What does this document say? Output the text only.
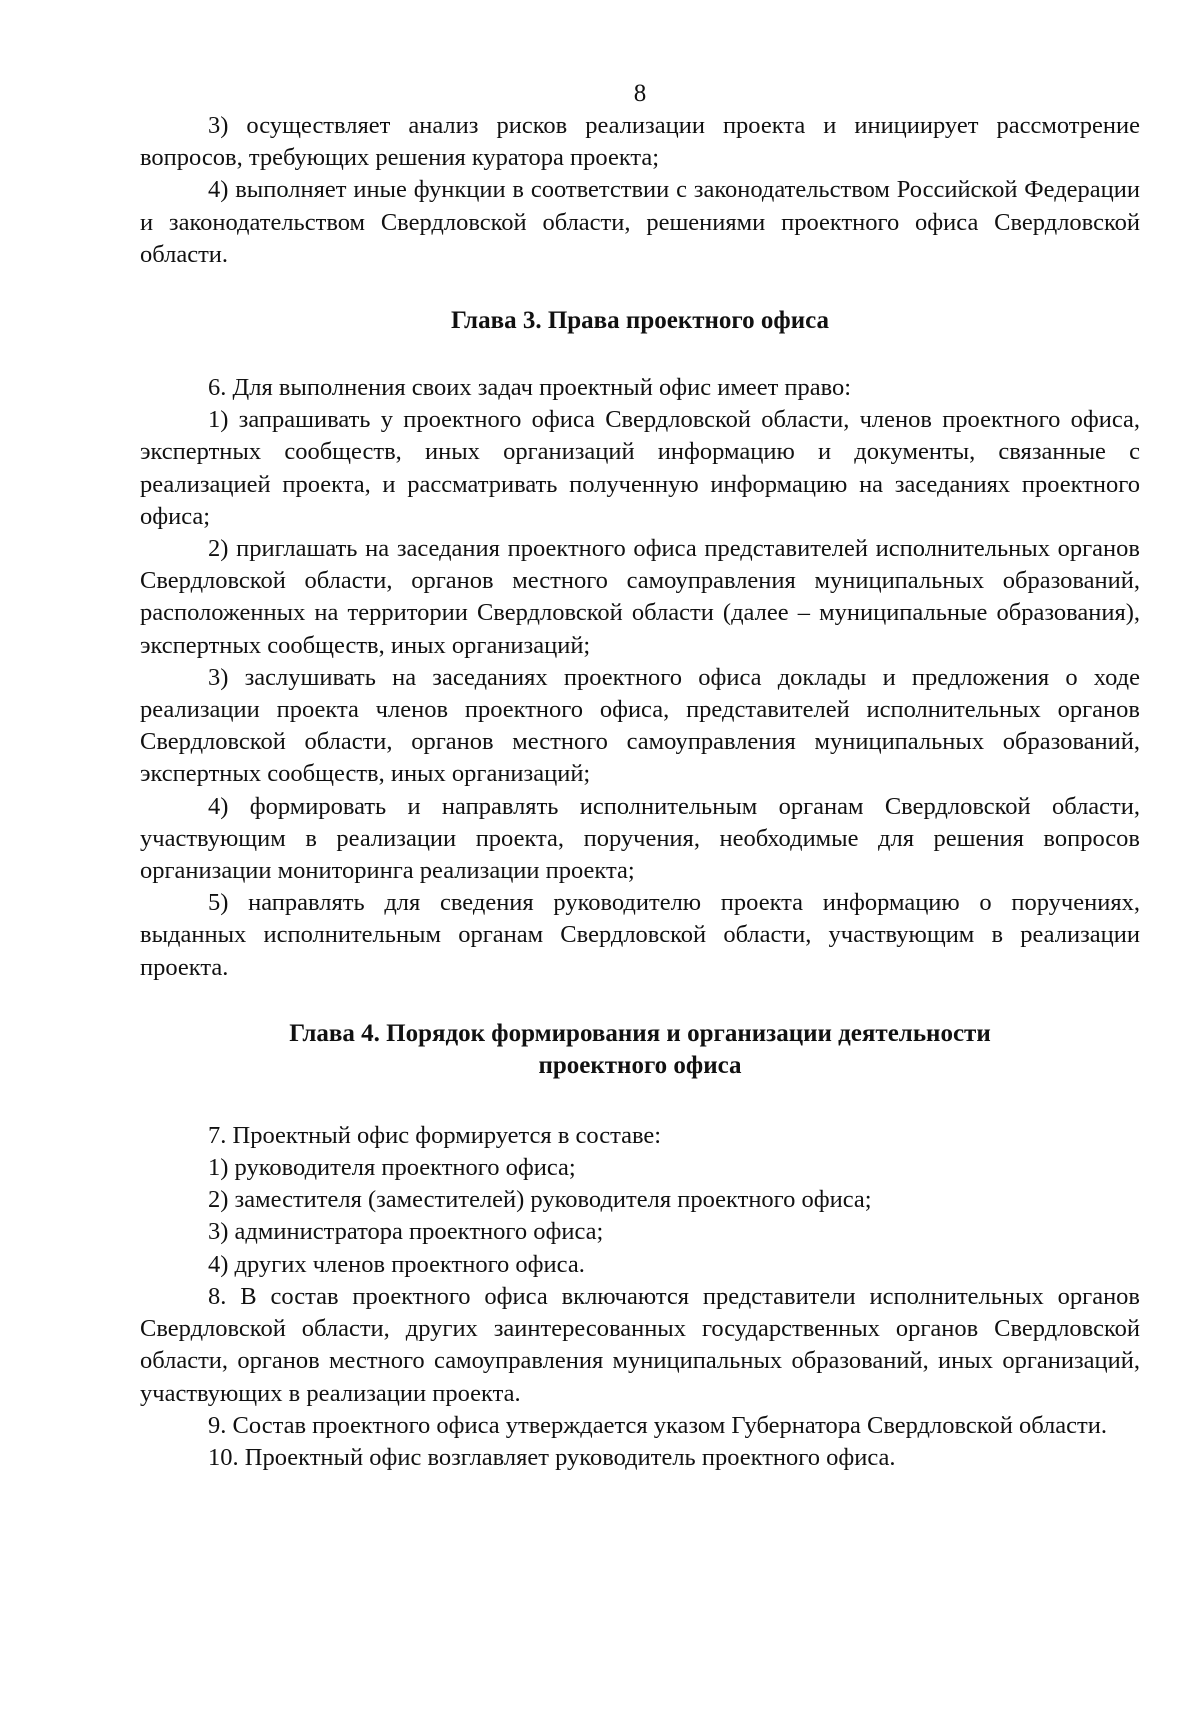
8

3) осуществляет анализ рисков реализации проекта и инициирует рассмотрение вопросов, требующих решения куратора проекта;

4) выполняет иные функции в соответствии с законодательством Российской Федерации и законодательством Свердловской области, решениями проектного офиса Свердловской области.

Глава 3. Права проектного офиса

6. Для выполнения своих задач проектный офис имеет право:

1) запрашивать у проектного офиса Свердловской области, членов проектного офиса, экспертных сообществ, иных организаций информацию и документы, связанные с реализацией проекта, и рассматривать полученную информацию на заседаниях проектного офиса;

2) приглашать на заседания проектного офиса представителей исполнительных органов Свердловской области, органов местного самоуправления муниципальных образований, расположенных на территории Свердловской области (далее – муниципальные образования), экспертных сообществ, иных организаций;

3) заслушивать на заседаниях проектного офиса доклады и предложения о ходе реализации проекта членов проектного офиса, представителей исполнительных органов Свердловской области, органов местного самоуправления муниципальных образований, экспертных сообществ, иных организаций;

4) формировать и направлять исполнительным органам Свердловской области, участвующим в реализации проекта, поручения, необходимые для решения вопросов организации мониторинга реализации проекта;

5) направлять для сведения руководителю проекта информацию о поручениях, выданных исполнительным органам Свердловской области, участвующим в реализации проекта.

Глава 4. Порядок формирования и организации деятельности
проектного офиса

7. Проектный офис формируется в составе:

1) руководителя проектного офиса;

2) заместителя (заместителей) руководителя проектного офиса;

3) администратора проектного офиса;

4) других членов проектного офиса.

8. В состав проектного офиса включаются представители исполнительных органов Свердловской области, других заинтересованных государственных органов Свердловской области, органов местного самоуправления муниципальных образований, иных организаций, участвующих в реализации проекта.

9. Состав проектного офиса утверждается указом Губернатора Свердловской области.

10. Проектный офис возглавляет руководитель проектного офиса.
